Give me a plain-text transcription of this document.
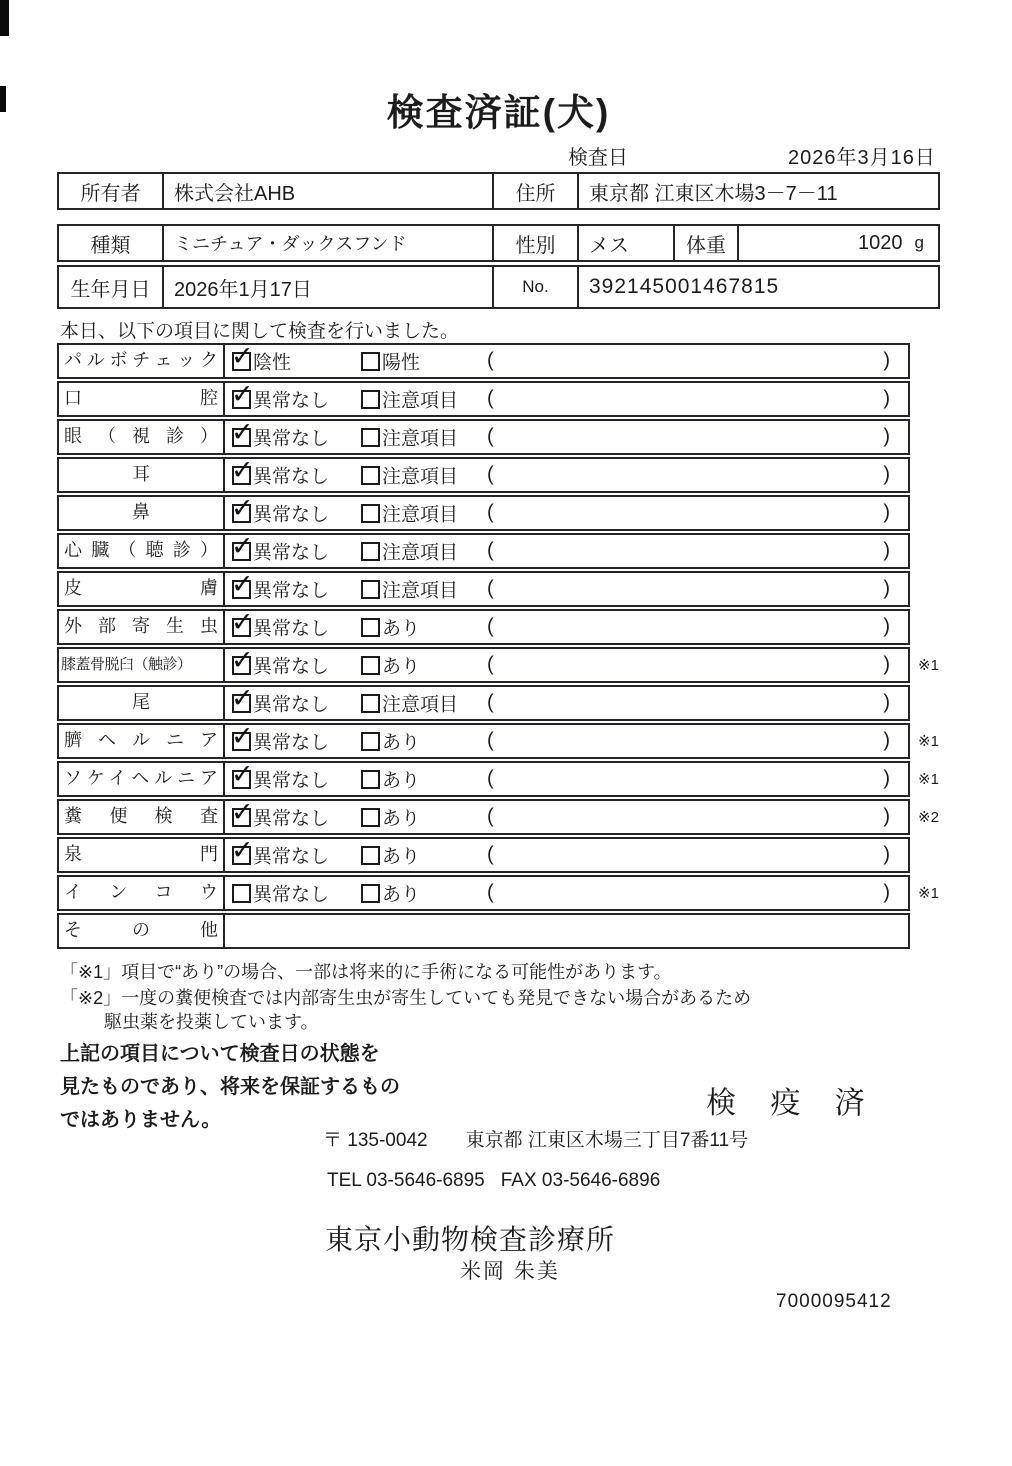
検査済証(犬)
検査日	2026年3月16日
所有者	株式会社AHB	住所	東京都 江東区木場3－7－11
種類	ミニチュア・ダックスフンド	性別	メス	体重	1020 g
生年月日	2026年1月17日	No.	392145001467815
本日、以下の項目に関して検査を行いました。
パルボチェック ✓	陰性	陽性	(	)
口腔 ✓	異常なし	注意項目 (	)
眼（視診） ✓	異常なし	注意項目 (	)
耳 ✓	異常なし	注意項目 (	)
鼻 ✓	異常なし	注意項目 (	)
心臓（聴診） ✓	異常なし	注意項目 (	)
皮膚 ✓	異常なし	注意項目 (	)
外部寄生虫 ✓	異常なし	あり	(	)
膝蓋骨脱臼（触診） ✓	異常なし	あり	(	) ※1
尾 ✓	異常なし	注意項目 (	)
臍ヘルニア ✓	異常なし	あり	(	) ※1
ソケイヘルニア ✓	異常なし	あり	(	) ※1
糞便検査 ✓	異常なし	あり	(	) ※2
泉門 ✓	異常なし	あり	(	)
インコウ	異常なし	あり	(	) ※1
その他
「※1」項目で“あり”の場合、一部は将来的に手術になる可能性があります。
「※2」一度の糞便検査では内部寄生虫が寄生していても発見できない場合があるため
駆虫薬を投薬しています。
上記の項目について検査日の状態を
見たものであり、将来を保証するもの
ではありません。	検 疫 済
〒 135-0042 東京都 江東区木場三丁目7番11号
TEL 03-5646-6895 FAX 03-5646-6896
東京小動物検査診療所
米岡 朱美
7000095412
